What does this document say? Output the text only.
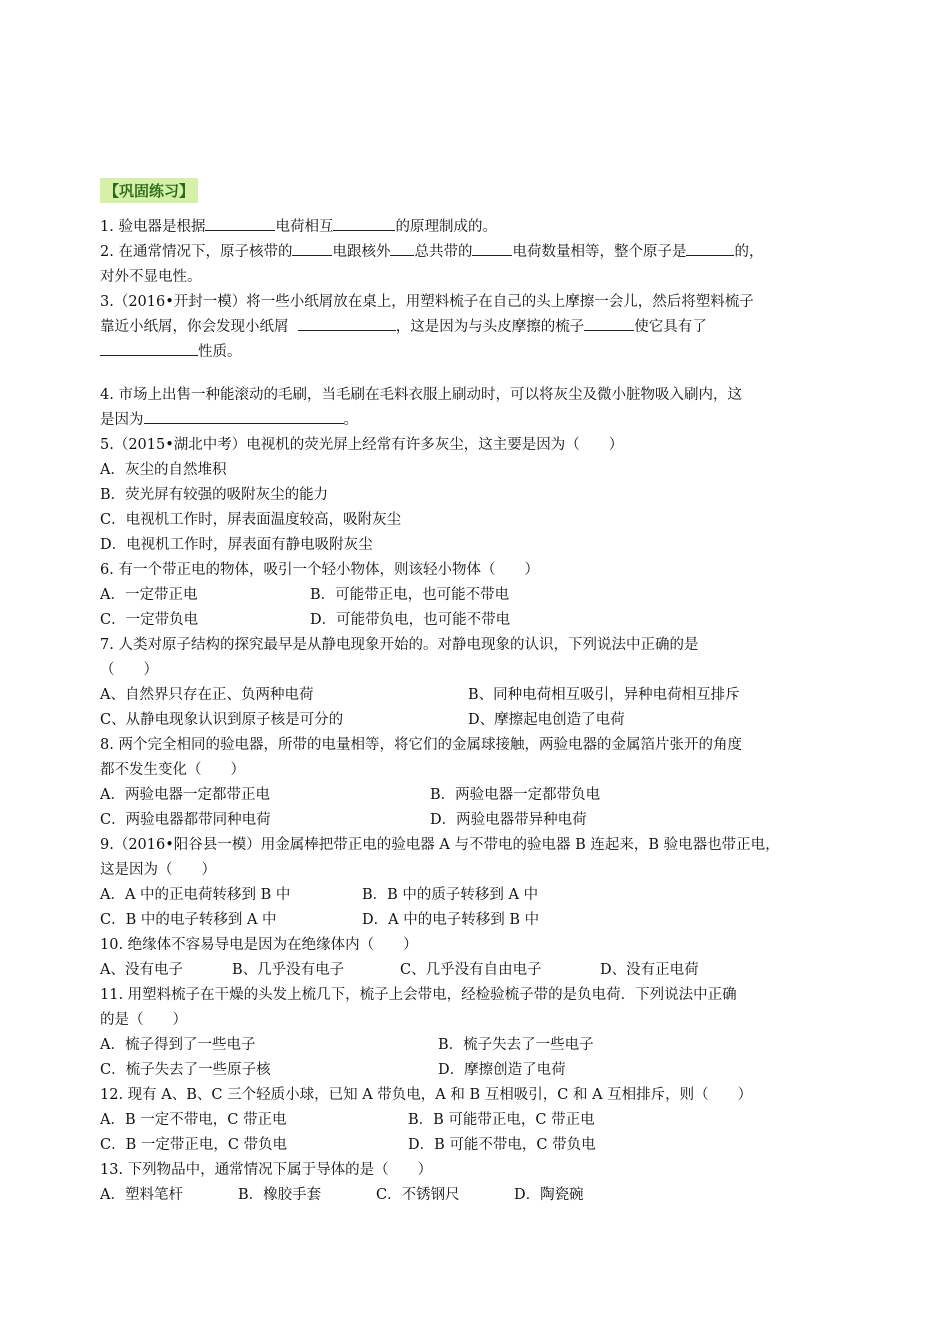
【巩固练习】
1. 验电器是根据	电荷相互	的原理制成的。
2. 在通常情况下，原子核带的	电跟核外 总共带的	电荷数量相等，整个原子是	的，
对外不显电性。
3.（2016•开封一模）将一些小纸屑放在桌上，用塑料梳子在自己的头上摩擦一会儿，然后将塑料梳子
靠近小纸屑，你会发现小纸屑	，这是因为与头皮摩擦的梳子	使它具有了
性质。
4. 市场上出售一种能滚动的毛刷，当毛刷在毛料衣服上刷动时，可以将灰尘及微小脏物吸入刷内，这
是因为	。
5.（2015•湖北中考）电视机的荧光屏上经常有许多灰尘，这主要是因为（　　）
A．灰尘的自然堆积
B．荧光屏有较强的吸附灰尘的能力
C．电视机工作时，屏表面温度较高，吸附灰尘
D．电视机工作时，屏表面有静电吸附灰尘
6. 有一个带正电的物体，吸引一个轻小物体，则该轻小物体（　　）
A．一定带正电	B．可能带正电，也可能不带电
C．一定带负电	D．可能带负电，也可能不带电
7. 人类对原子结构的探究最早是从静电现象开始的。对静电现象的认识，下列说法中正确的是
（　　）
A、自然界只存在正、负两种电荷	B、同种电荷相互吸引，异种电荷相互排斥
C、从静电现象认识到原子核是可分的	D、摩擦起电创造了电荷
8. 两个完全相同的验电器，所带的电量相等，将它们的金属球接触，两验电器的金属箔片张开的角度
都不发生变化（　　）
A．两验电器一定都带正电	B．两验电器一定都带负电
C．两验电器都带同种电荷	D．两验电器带异种电荷
9.（2016•阳谷县一模）用金属棒把带正电的验电器 A 与不带电的验电器 B 连起来，B 验电器也带正电，
这是因为（　　）
A．A 中的正电荷转移到 B 中	B．B 中的质子转移到 A 中
C．B 中的电子转移到 A 中	D．A 中的电子转移到 B 中
10. 绝缘体不容易导电是因为在绝缘体内（　　）
A、没有电子	B、几乎没有电子	C、几乎没有自由电子	D、没有正电荷
11. 用塑料梳子在干燥的头发上梳几下，梳子上会带电，经检验梳子带的是负电荷．下列说法中正确
的是（　　）
A．梳子得到了一些电子	B．梳子失去了一些电子
C．梳子失去了一些原子核	D．摩擦创造了电荷
12. 现有 A、B、C 三个轻质小球，已知 A 带负电，A 和 B 互相吸引，C 和 A 互相排斥，则（　　）
A．B 一定不带电，C 带正电	B．B 可能带正电，C 带正电
C．B 一定带正电，C 带负电	D．B 可能不带电，C 带负电
13. 下列物品中，通常情况下属于导体的是（　　）
A．塑料笔杆	B．橡胶手套	C．不锈钢尺	D．陶瓷碗
